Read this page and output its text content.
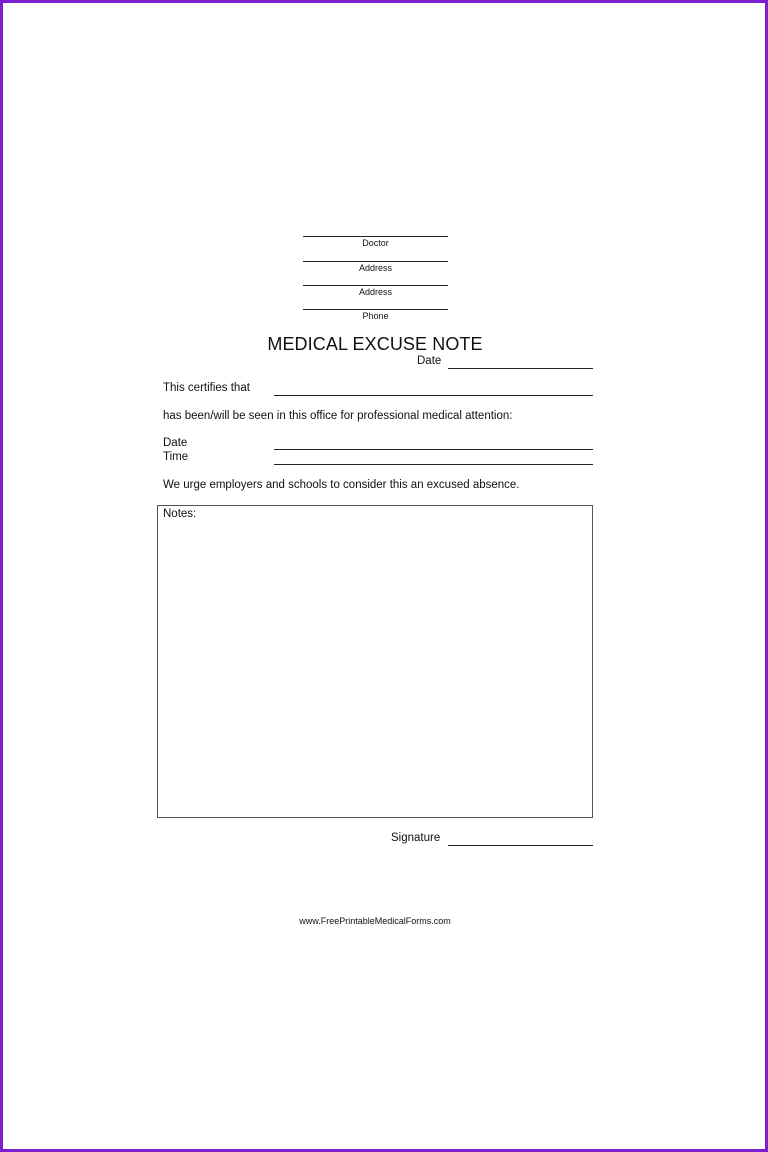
Doctor
Address
Address
Phone
MEDICAL EXCUSE NOTE
Date
This certifies that
has been/will be seen in this office for professional medical attention:
Date
Time
We urge employers and schools to consider this an excused absence.
Notes:
Signature
www.FreePrintableMedicalForms.com
